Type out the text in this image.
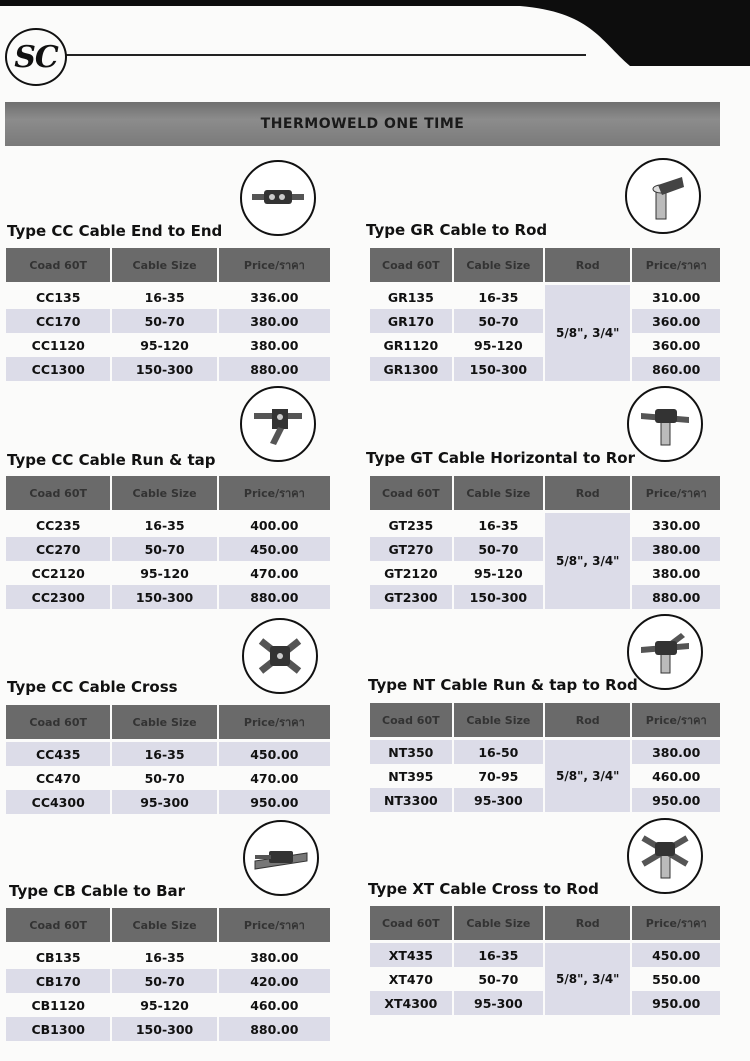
SC
THERMOWELD ONE TIME
Type CC Cable End to End
Coad 60T	Cable Size	Price/ราคา
CC135	16-35	336.00
CC170	50-70	380.00
CC1120	95-120	380.00
CC1300	150-300	880.00
Type GR Cable to Rod
Coad 60T	Cable Size	Rod	Price/ราคา
GR135	16-35	5/8", 3/4"	310.00
GR170	50-70		360.00
GR1120	95-120		360.00
GR1300	150-300		860.00
Type CC Cable Run & tap
Coad 60T	Cable Size	Price/ราคา
CC235	16-35	400.00
CC270	50-70	450.00
CC2120	95-120	470.00
CC2300	150-300	880.00
Type GT Cable Horizontal to Ror
Coad 60T	Cable Size	Rod	Price/ราคา
GT235	16-35	5/8", 3/4"	330.00
GT270	50-70		380.00
GT2120	95-120		380.00
GT2300	150-300		880.00
Type CC Cable Cross
Coad 60T	Cable Size	Price/ราคา
CC435	16-35	450.00
CC470	50-70	470.00
CC4300	95-300	950.00
Type NT Cable Run & tap to Rod
Coad 60T	Cable Size	Rod	Price/ราคา
NT350	16-50	5/8", 3/4"	380.00
NT395	70-95		460.00
NT3300	95-300		950.00
Type CB Cable to Bar
Coad 60T	Cable Size	Price/ราคา
CB135	16-35	380.00
CB170	50-70	420.00
CB1120	95-120	460.00
CB1300	150-300	880.00
Type XT Cable Cross to Rod
Coad 60T	Cable Size	Rod	Price/ราคา
XT435	16-35	5/8", 3/4"	450.00
XT470	50-70		550.00
XT4300	95-300		950.00
